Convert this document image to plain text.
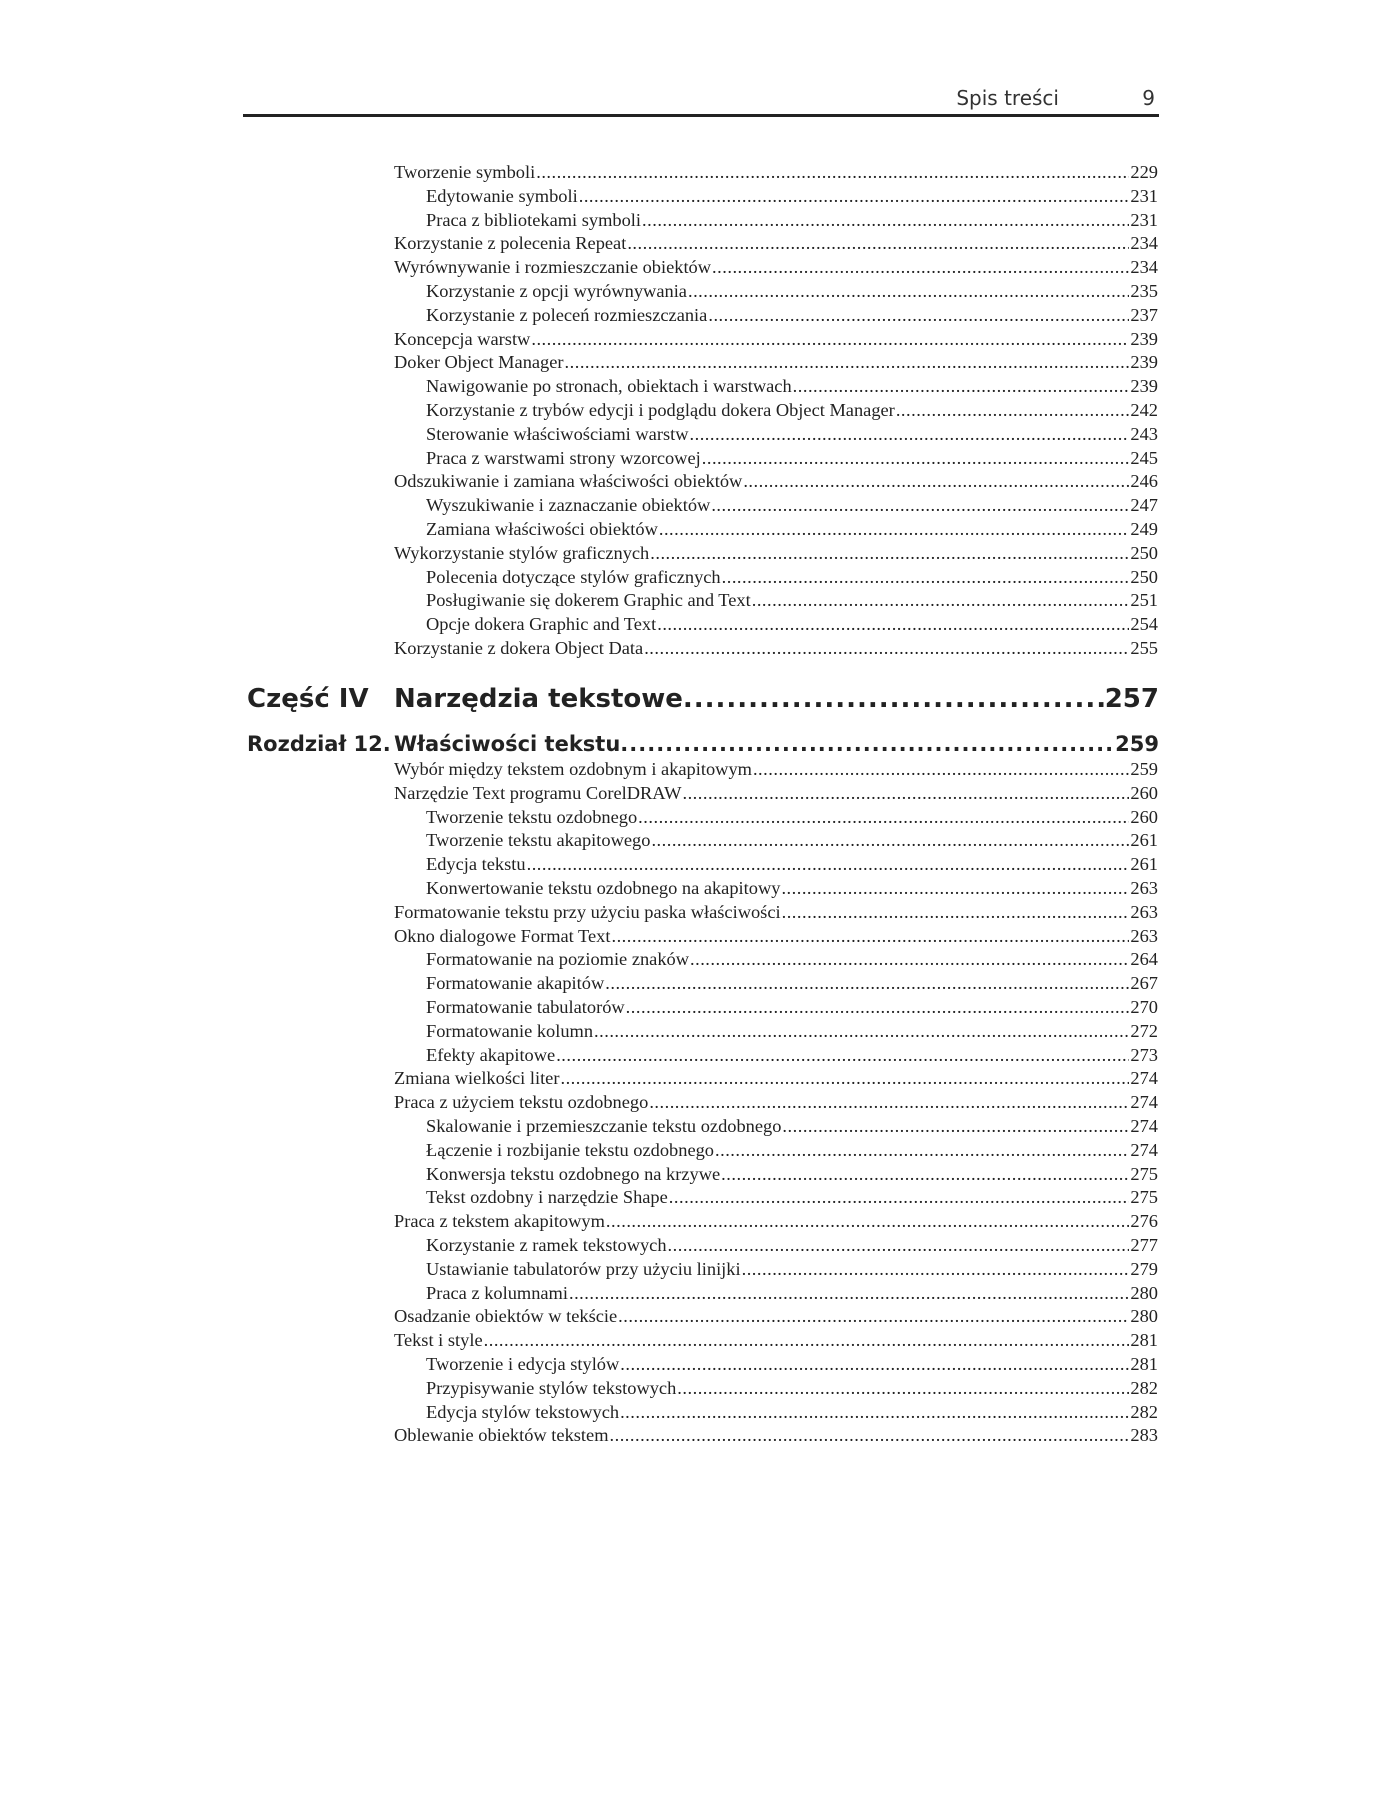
Spis treści	9
Tworzenie symboli .....	229
Edytowanie symboli .....	231
Praca z bibliotekami symboli .....	231
Korzystanie z polecenia Repeat .....	234
Wyrównywanie i rozmieszczanie obiektów .....	234
Korzystanie z opcji wyrównywania .....	235
Korzystanie z poleceń rozmieszczania .....	237
Koncepcja warstw .....	239
Doker Object Manager .....	239
Nawigowanie po stronach, obiektach i warstwach .....	239
Korzystanie z trybów edycji i podglądu dokera Object Manager .....	242
Sterowanie właściwościami warstw .....	243
Praca z warstwami strony wzorcowej .....	245
Odszukiwanie i zamiana właściwości obiektów .....	246
Wyszukiwanie i zaznaczanie obiektów .....	247
Zamiana właściwości obiektów .....	249
Wykorzystanie stylów graficznych .....	250
Polecenia dotyczące stylów graficznych .....	250
Posługiwanie się dokerem Graphic and Text .....	251
Opcje dokera Graphic and Text .....	254
Korzystanie z dokera Object Data .....	255
Część IV Narzędzia tekstowe .....	257
Rozdział 12. Właściwości tekstu .....	259
Wybór między tekstem ozdobnym i akapitowym .....	259
Narzędzie Text programu CorelDRAW .....	260
Tworzenie tekstu ozdobnego .....	260
Tworzenie tekstu akapitowego .....	261
Edycja tekstu .....	261
Konwertowanie tekstu ozdobnego na akapitowy .....	263
Formatowanie tekstu przy użyciu paska właściwości .....	263
Okno dialogowe Format Text .....	263
Formatowanie na poziomie znaków .....	264
Formatowanie akapitów .....	267
Formatowanie tabulatorów .....	270
Formatowanie kolumn .....	272
Efekty akapitowe .....	273
Zmiana wielkości liter .....	274
Praca z użyciem tekstu ozdobnego .....	274
Skalowanie i przemieszczanie tekstu ozdobnego .....	274
Łączenie i rozbijanie tekstu ozdobnego .....	274
Konwersja tekstu ozdobnego na krzywe .....	275
Tekst ozdobny i narzędzie Shape .....	275
Praca z tekstem akapitowym .....	276
Korzystanie z ramek tekstowych .....	277
Ustawianie tabulatorów przy użyciu linijki .....	279
Praca z kolumnami .....	280
Osadzanie obiektów w tekście .....	280
Tekst i style .....	281
Tworzenie i edycja stylów .....	281
Przypisywanie stylów tekstowych .....	282
Edycja stylów tekstowych .....	282
Oblewanie obiektów tekstem .....	283
